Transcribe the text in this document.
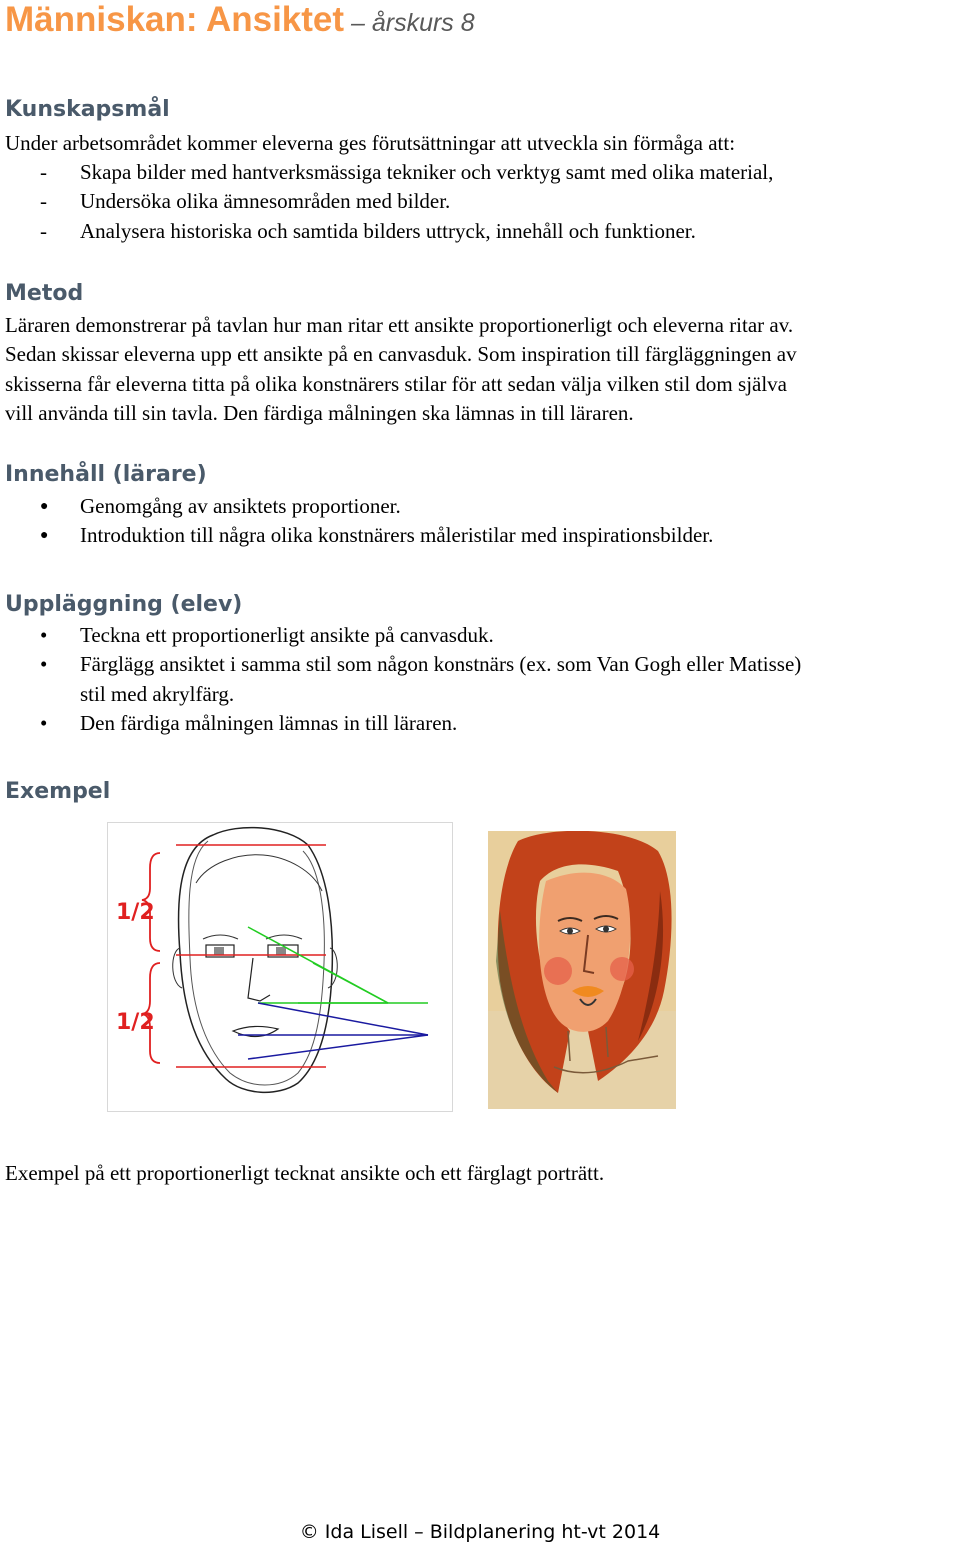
Människan: Ansiktet – årskurs 8
Kunskapsmål

Under arbetsområdet kommer eleverna ges förutsättningar att utveckla sin förmåga att:

- Skapa bilder med hantverksmässiga tekniker och verktyg samt med olika material,
- Undersöka olika ämnesområden med bilder.
- Analysera historiska och samtida bilders uttryck, innehåll och funktioner.
Metod
Läraren demonstrerar på tavlan hur man ritar ett ansikte proportionerligt och eleverna ritar av.
Sedan skissar eleverna upp ett ansikte på en canvasduk. Som inspiration till färgläggningen av
skisserna får eleverna titta på olika konstnärers stilar för att sedan välja vilken stil dom själva
vill använda till sin tavla. Den färdiga målningen ska lämnas in till läraren.
Innehåll (lärare)
● Genomgång av ansiktets proportioner.
● Introduktion till några olika konstnärers måleristilar med inspirationsbilder.
Uppläggning (elev)
• Teckna ett proportionerligt ansikte på canvasduk.
• Färglägg ansiktet i samma stil som någon konstnärs (ex. som Van Gogh eller Matisse)
stil med akrylfärg.
• Den färdiga målningen lämnas in till läraren.
Exempel
1/2
1/2

Exempel på ett proportionerligt tecknat ansikte och ett färglagt porträtt.

© Ida Lisell – Bildplanering ht-vt 2014
